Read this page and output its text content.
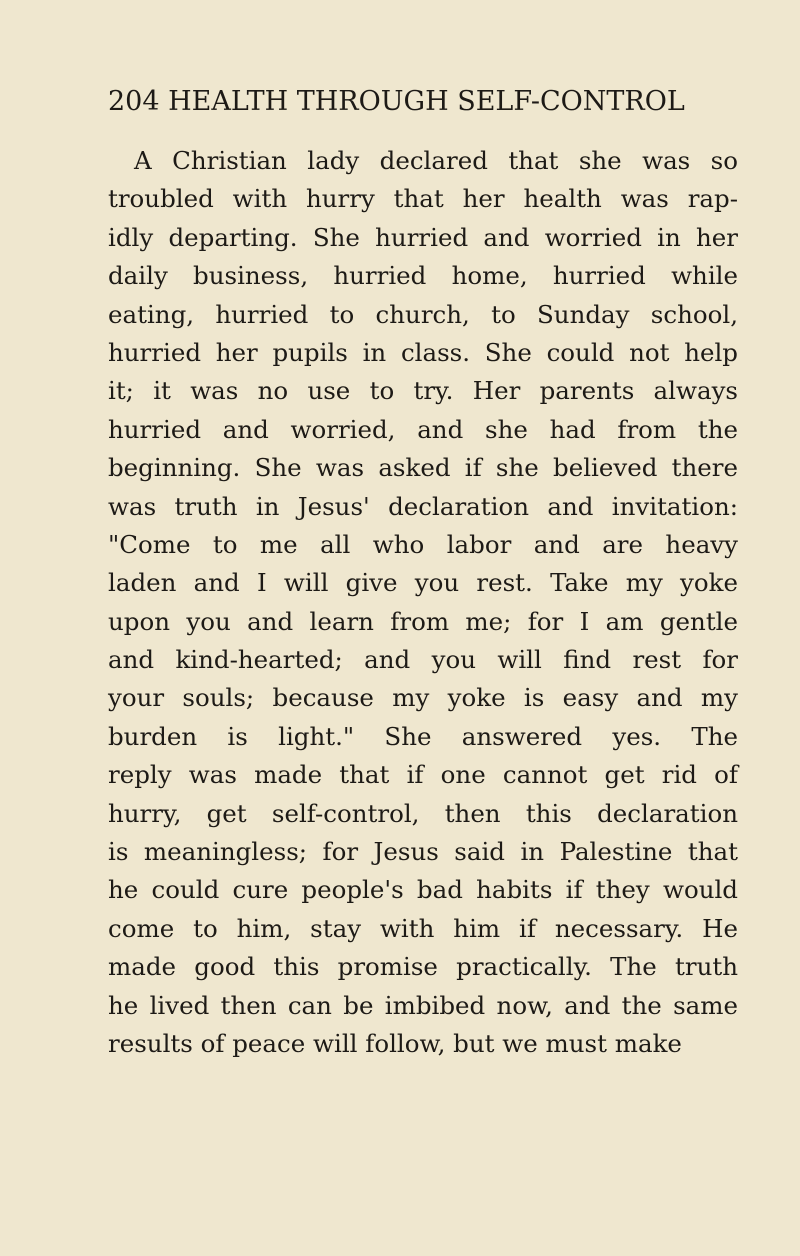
204 HEALTH THROUGH SELF-CONTROL
A Christian lady declared that she was so
troubled with hurry that her health was rap-
idly departing. She hurried and worried in her
daily business, hurried home, hurried while
eating, hurried to church, to Sunday school,
hurried her pupils in class. She could not help
it; it was no use to try. Her parents always
hurried and worried, and she had from the
beginning. She was asked if she believed there
was truth in Jesus' declaration and invitation:
"Come to me all who labor and are heavy
laden and I will give you rest. Take my yoke
upon you and learn from me; for I am gentle
and kind-hearted; and you will find rest for
your souls; because my yoke is easy and my
burden is light." She answered yes. The
reply was made that if one cannot get rid of
hurry, get self-control, then this declaration
is meaningless; for Jesus said in Palestine that
he could cure people's bad habits if they would
come to him, stay with him if necessary. He
made good this promise practically. The truth
he lived then can be imbibed now, and the same
results of peace will follow, but we must make
